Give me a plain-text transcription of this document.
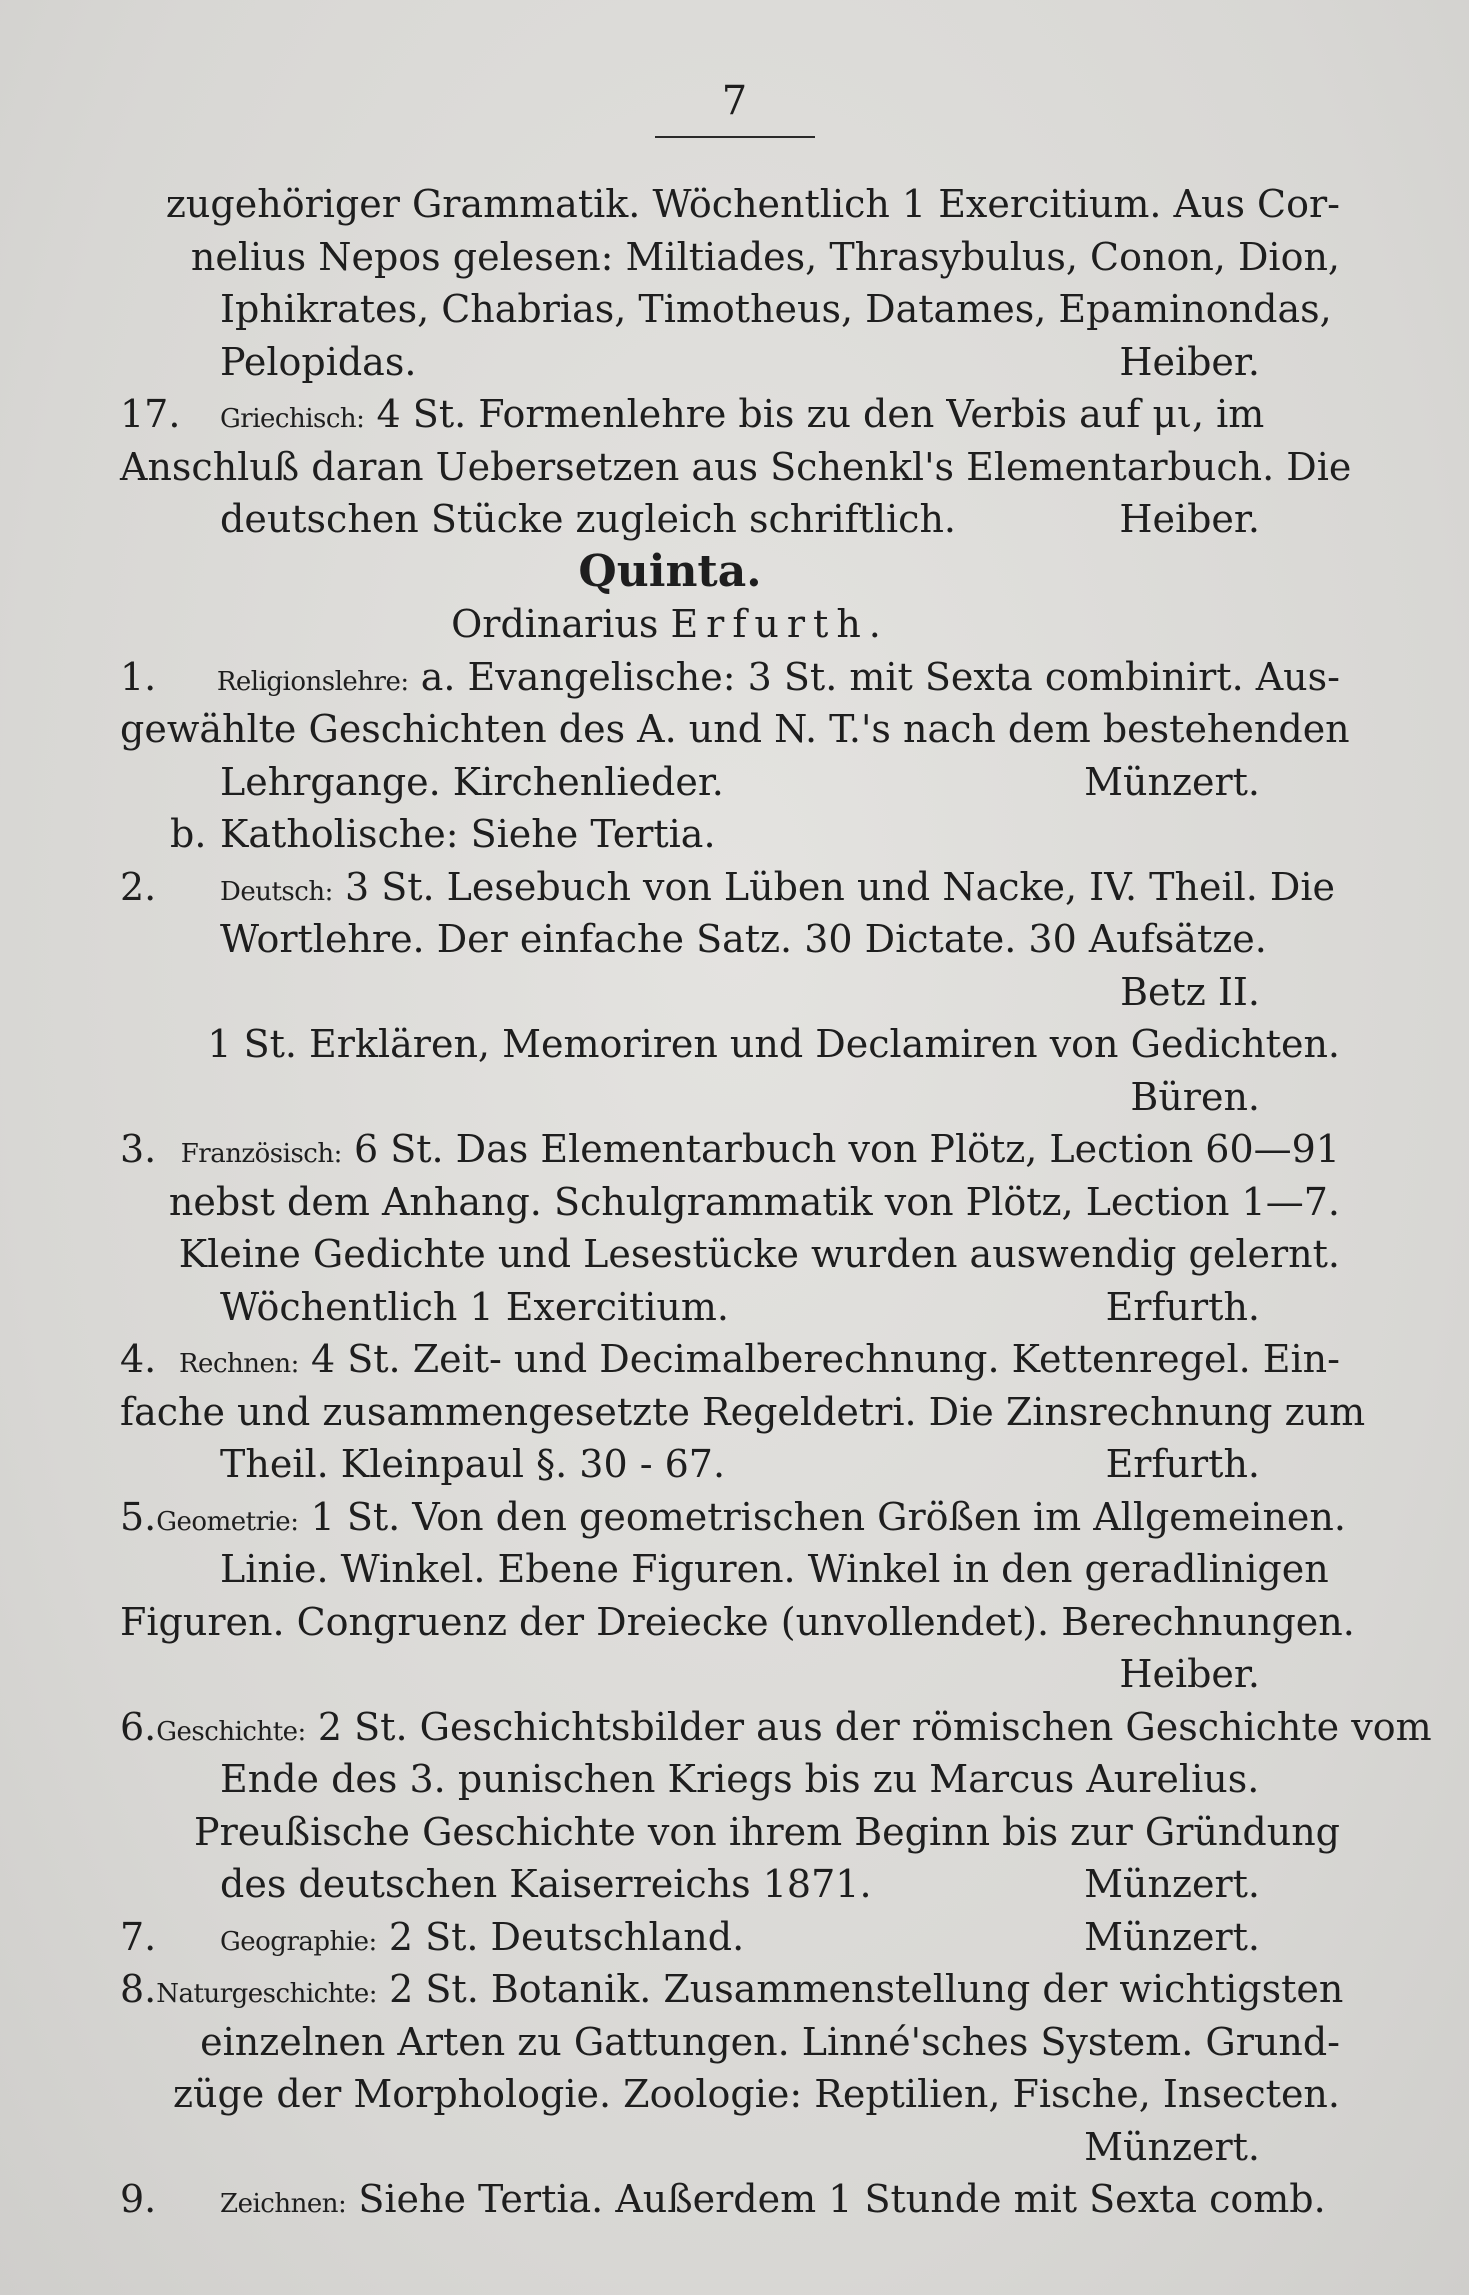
7
zugehöriger Grammatik. Wöchentlich 1 Exercitium. Aus Cor-
nelius Nepos gelesen: Miltiades, Thrasybulus, Conon, Dion,
Iphikrates, Chabrias, Timotheus, Datames, Epaminondas,
Pelopidas.	Heiber.
17.	Griechisch:
4 St. Formenlehre bis zu den Verbis auf μι, im
Anschluß daran Uebersetzen aus Schenkl's Elementarbuch. Die
deutschen Stücke zugleich schriftlich.	Heiber.
Quinta.
Ordinarius
Erfurth.
1.	Religionslehre:
a. Evangelische: 3 St. mit Sexta combinirt. Aus-
gewählte Geschichten des A. und N. T.'s nach dem bestehenden
Lehrgange. Kirchenlieder.	Münzert.
b. Katholische: Siehe Tertia.
2.	Deutsch:
3 St. Lesebuch von Lüben und Nacke, IV. Theil. Die
Wortlehre. Der einfache Satz. 30 Dictate. 30 Aufsätze.
Betz II.
1 St. Erklären, Memoriren und Declamiren von Gedichten.
Büren.
3. Französisch:
6 St. Das Elementarbuch von Plötz, Lection 60—91
nebst dem Anhang. Schulgrammatik von Plötz, Lection 1—7.
Kleine Gedichte und Lesestücke wurden auswendig gelernt.
Wöchentlich 1 Exercitium.	Erfurth.
4. Rechnen:
4 St. Zeit- und Decimalberechnung. Kettenregel. Ein-
fache und zusammengesetzte Regeldetri. Die Zinsrechnung zum
Theil. Kleinpaul §. 30 - 67.	Erfurth.
5. Geometrie:
1 St. Von den geometrischen Größen im Allgemeinen.
Linie. Winkel. Ebene Figuren. Winkel in den geradlinigen
Figuren. Congruenz der Dreiecke (unvollendet). Berechnungen.
Heiber.
6. Geschichte:
2 St. Geschichtsbilder aus der römischen Geschichte vom
Ende des 3. punischen Kriegs bis zu Marcus Aurelius.
Preußische Geschichte von ihrem Beginn bis zur Gründung
des deutschen Kaiserreichs 1871.	Münzert.
7.	Geographie:
2 St. Deutschland.	Münzert.
8. Naturgeschichte:
2 St. Botanik. Zusammenstellung der wichtigsten
einzelnen Arten zu Gattungen. Linné'sches System. Grund-
züge der Morphologie. Zoologie: Reptilien, Fische, Insecten.
Münzert.
9.	Zeichnen:
Siehe Tertia. Außerdem 1 Stunde mit Sexta comb.
